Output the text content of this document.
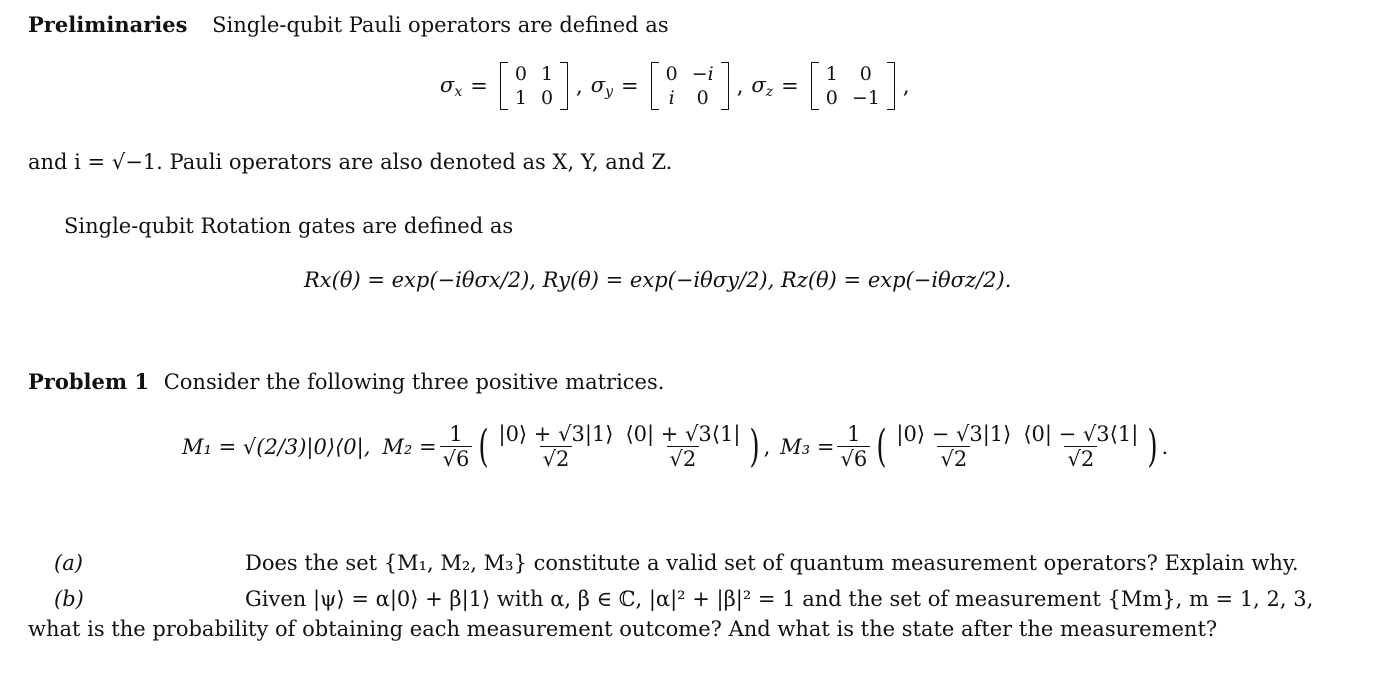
Preliminaries Single-qubit Pauli operators are defined as
$\sigma_x = 0$	1
1	0 , $\sigma_y = 0$	−i
i	0 , $\sigma_z = 1$	0
0	−1 ,
and i = √−1. Pauli operators are also denoted as X, Y, and Z.
Single-qubit Rotation gates are defined as
Rx(θ) = exp(−iθσx/2), Ry(θ) = exp(−iθσy/2), Rz(θ) = exp(−iθσz/2).
Problem 1 Consider the following three positive matrices.
M₁ = √(2/3)|0⟩⟨0|, $M_2 = \frac{1}{√6}$ ( $\frac{|0⟩ + √3|1⟩}{√2} \frac{⟨0| + √3⟨1|}{√2}$ ) , $M_3 = \frac{1}{√6}$ ( $\frac{|0⟩ - √3|1⟩}{√2} \frac{⟨0| - √3⟨1|}{√2}$ ) .
(a)	Does the set {M₁, M₂, M₃} constitute a valid set of quantum measurement operators? Explain why.
(b)	Given |ψ⟩ = α|0⟩ + β|1⟩ with α, β ∈ ℂ, |α|² + |β|² = 1 and the set of measurement {Mm}, m = 1, 2, 3,
what is the probability of obtaining each measurement outcome? And what is the state after the measurement?
